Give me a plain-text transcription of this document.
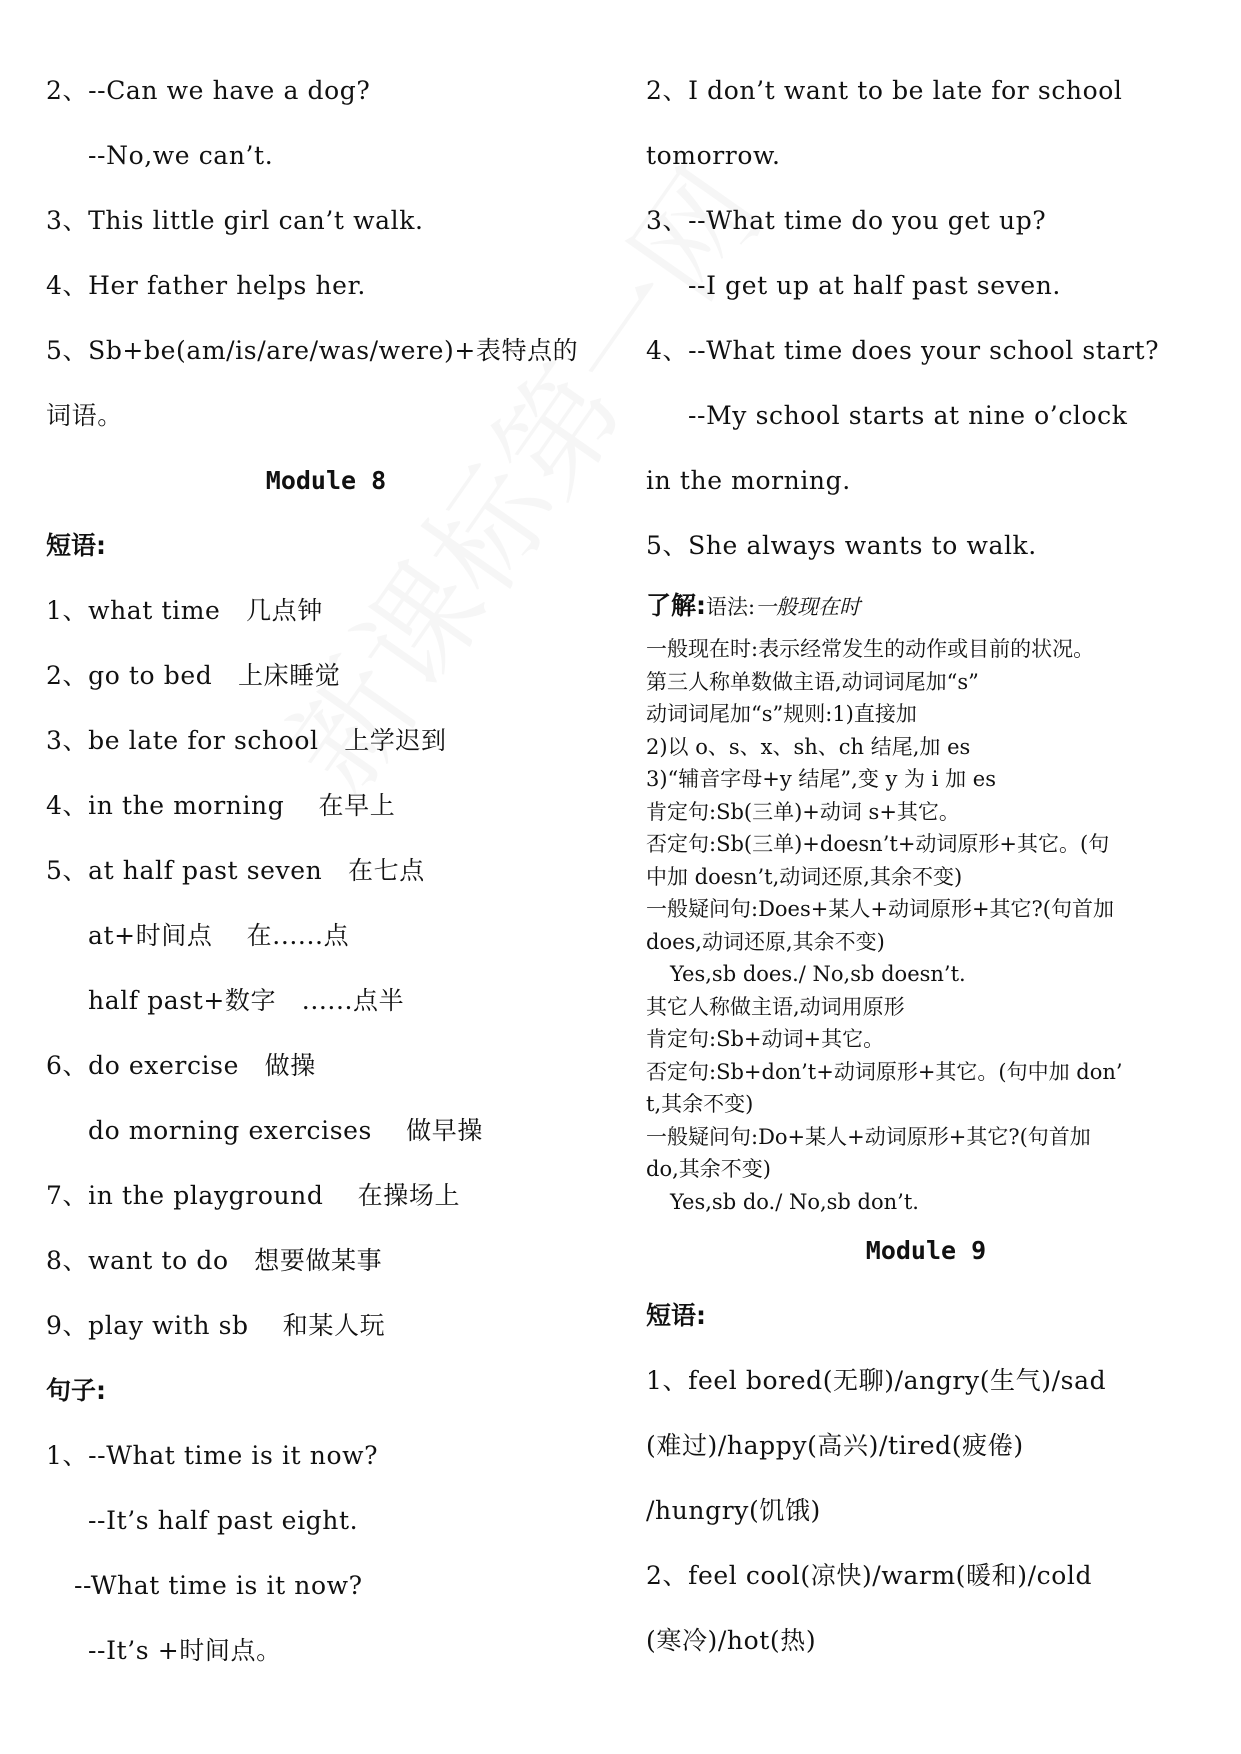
2、--Can we have a dog?
--No,we can’t.
3、This little girl can’t walk.
4、Her father helps her.
5、Sb+be(am/is/are/was/were)+表特点的
词语。
Module 8
短语:
1、what time   几点钟
2、go to bed   上床睡觉
3、be late for school   上学迟到
4、in the morning    在早上
5、at half past seven   在七点
at+时间点    在......点
half past+数字   ......点半
6、do exercise   做操
do morning exercises    做早操
7、in the playground    在操场上
8、want to do   想要做某事
9、play with sb    和某人玩
句子:
1、--What time is it now?
--It’s half past eight.
--What time is it now?
--It’s +时间点。
2、I don’t want to be late for school
tomorrow.
3、--What time do you get up?
--I get up at half past seven.
4、--What time does your school start?
--My school starts at nine o’clock
in the morning.
5、She always wants to walk.
了解:语法:一般现在时
一般现在时:表示经常发生的动作或目前的状况。
第三人称单数做主语,动词词尾加“s”
动词词尾加“s”规则:1)直接加
2)以 o、s、x、sh、ch 结尾,加 es
3)“辅音字母+y 结尾”,变 y 为 i 加 es
肯定句:Sb(三单)+动词 s+其它。
否定句:Sb(三单)+doesn’t+动词原形+其它。(句
中加 doesn’t,动词还原,其余不变)
一般疑问句:Does+某人+动词原形+其它?(句首加
does,动词还原,其余不变)
Yes,sb does./ No,sb doesn’t.
其它人称做主语,动词用原形
肯定句:Sb+动词+其它。
否定句:Sb+don’t+动词原形+其它。(句中加 don’
t,其余不变)
一般疑问句:Do+某人+动词原形+其它?(句首加
do,其余不变)
Yes,sb do./ No,sb don’t.
Module 9
短语:
1、feel bored(无聊)/angry(生气)/sad
(难过)/happy(高兴)/tired(疲倦)
/hungry(饥饿)
2、feel cool(凉快)/warm(暖和)/cold
(寒冷)/hot(热)
